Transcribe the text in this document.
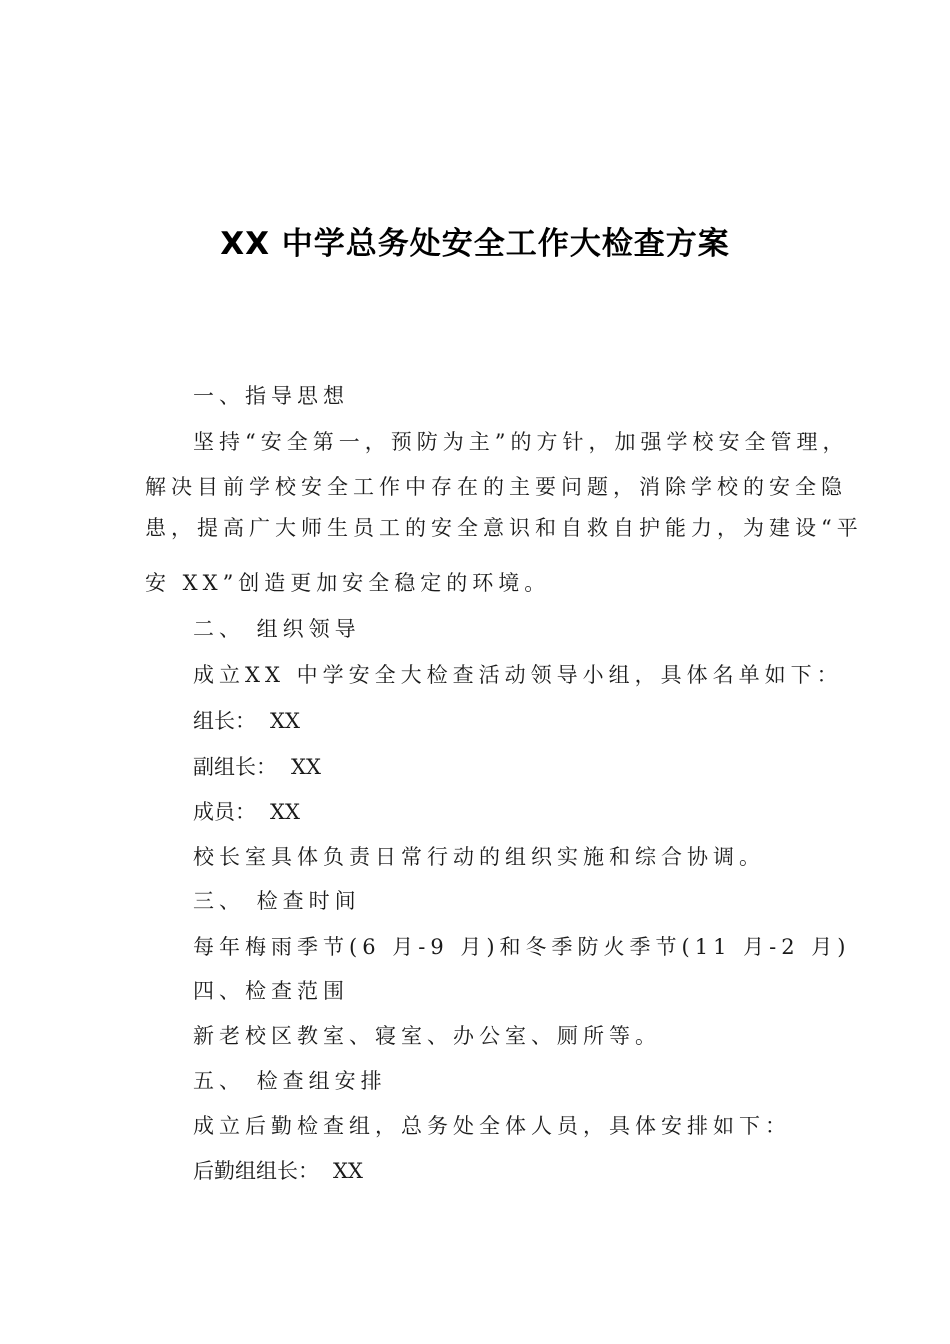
XX 中学总务处安全工作大检查方案
一、指导思想
坚持“安全第一，预防为主”的方针，加强学校安全管理，
解决目前学校安全工作中存在的主要问题，消除学校的安全隐
患，提高广大师生员工的安全意识和自救自护能力，为建设“平
安 XX”创造更加安全稳定的环境。
二、 组织领导
成立XX 中学安全大检查活动领导小组，具体名单如下：
组长： XX
副组长： XX
成员： XX
校长室具体负责日常行动的组织实施和综合协调。
三、 检查时间
每年梅雨季节(6 月-9 月)和冬季防火季节(11 月-2 月)
四、检查范围
新老校区教室、寝室、办公室、厕所等。
五、 检查组安排
成立后勤检查组，总务处全体人员，具体安排如下：
后勤组组长： XX
